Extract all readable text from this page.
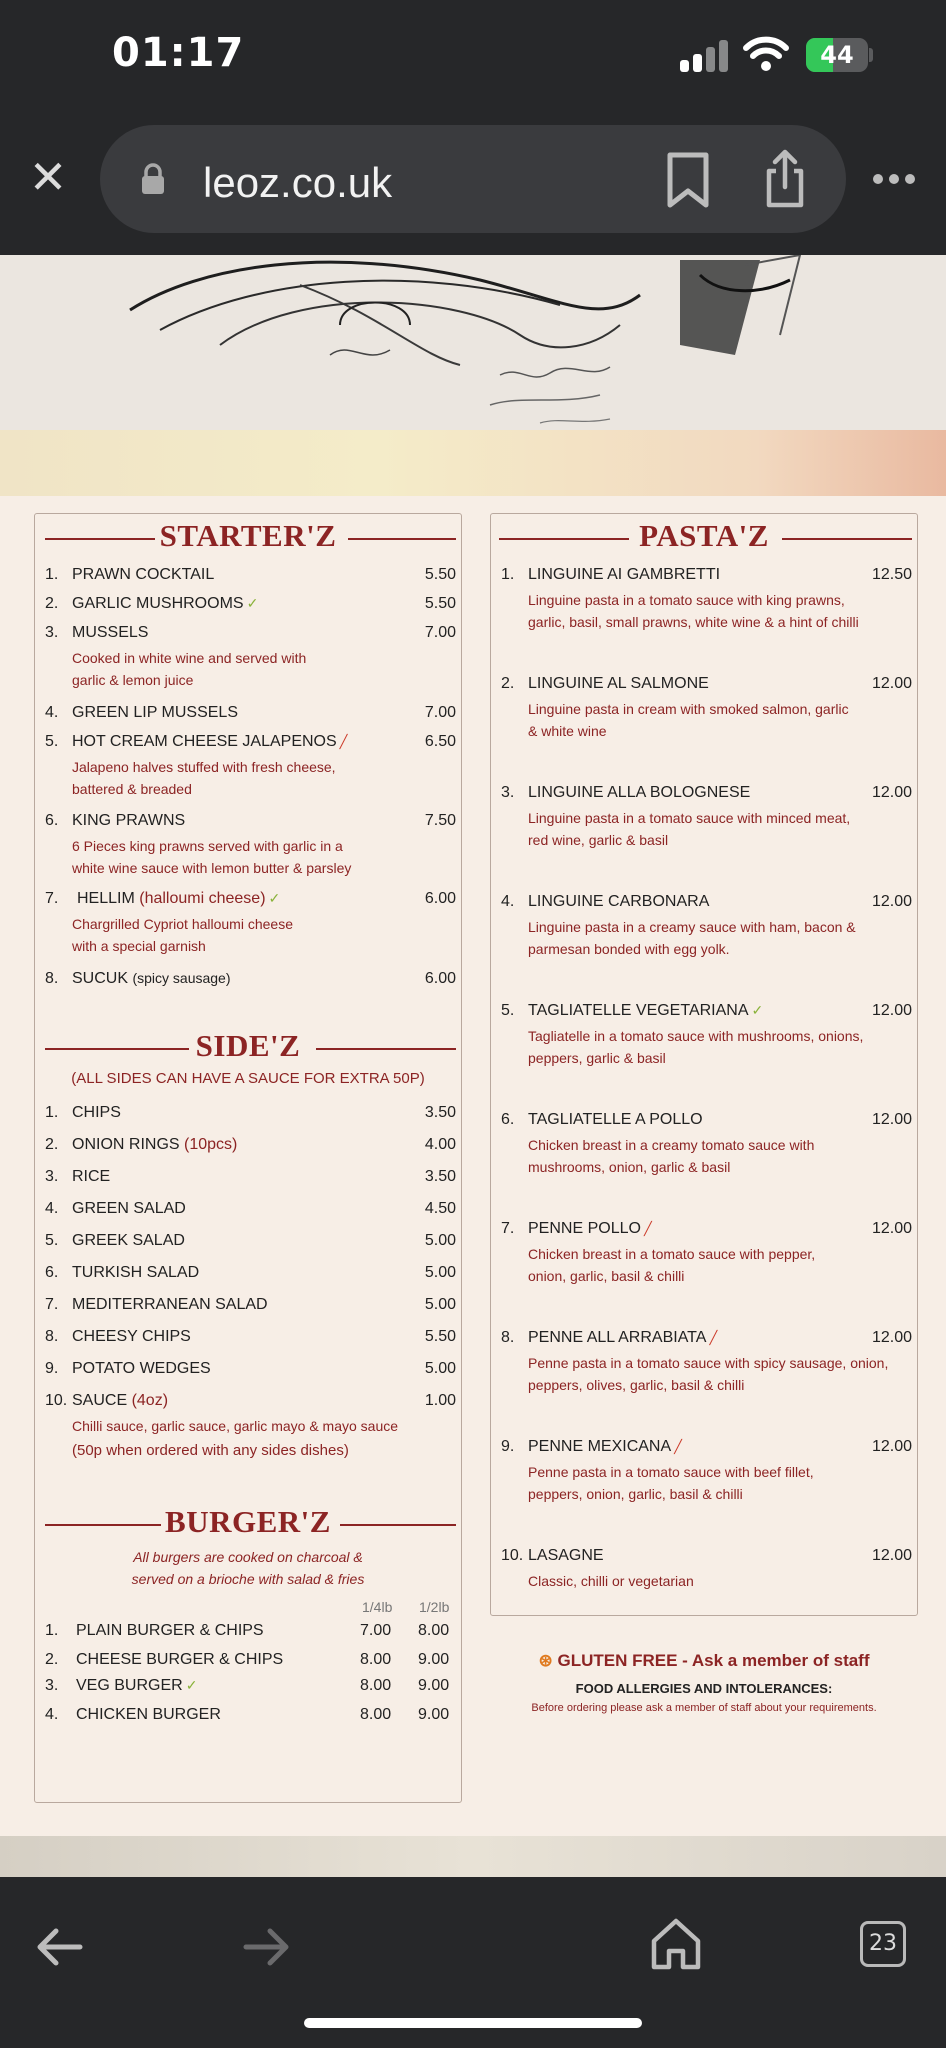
01:17	44
✕	leoz.co.uk
STARTER'Z
1. PRAWN COCKTAIL	5.50
2. GARLIC MUSHROOMS ✓	5.50
3. MUSSELS	7.00
Cooked in white wine and served with
garlic & lemon juice
4. GREEN LIP MUSSELS	7.00
5. HOT CREAM CHEESE JALAPENOS ╱	6.50
Jalapeno halves stuffed with fresh cheese,
battered & breaded
6. KING PRAWNS	7.50
6 Pieces king prawns served with garlic in a
white wine sauce with lemon butter & parsley
7. HELLIM (halloumi cheese) ✓	6.00
Chargrilled Cypriot halloumi cheese
with a special garnish
8. SUCUK (spicy sausage)	6.00
SIDE'Z
(ALL SIDES CAN HAVE A SAUCE FOR EXTRA 50P)
1. CHIPS	3.50
2. ONION RINGS (10pcs)	4.00
3. RICE	3.50
4. GREEN SALAD	4.50
5. GREEK SALAD	5.00
6. TURKISH SALAD	5.00
7. MEDITERRANEAN SALAD	5.00
8. CHEESY CHIPS	5.50
9. POTATO WEDGES	5.00
10. SAUCE (4oz)	1.00
Chilli sauce, garlic sauce, garlic mayo & mayo sauce
(50p when ordered with any sides dishes)
BURGER'Z
All burgers are cooked on charcoal &
served on a brioche with salad & fries
1/4lb 1/2lb
1. PLAIN BURGER & CHIPS	7.00 8.00
2. CHEESE BURGER & CHIPS	8.00 9.00
3. VEG BURGER ✓	8.00 9.00
4. CHICKEN BURGER	8.00 9.00
PASTA'Z
1. LINGUINE AI GAMBRETTI	12.50
Linguine pasta in a tomato sauce with king prawns,
garlic, basil, small prawns, white wine & a hint of chilli
2. LINGUINE AL SALMONE	12.00
Linguine pasta in cream with smoked salmon, garlic
& white wine
3. LINGUINE ALLA BOLOGNESE	12.00
Linguine pasta in a tomato sauce with minced meat,
red wine, garlic & basil
4. LINGUINE CARBONARA	12.00
Linguine pasta in a creamy sauce with ham, bacon &
parmesan bonded with egg yolk.
5. TAGLIATELLE VEGETARIANA ✓	12.00
Tagliatelle in a tomato sauce with mushrooms, onions,
peppers, garlic & basil
6. TAGLIATELLE A POLLO	12.00
Chicken breast in a creamy tomato sauce with
mushrooms, onion, garlic & basil
7. PENNE POLLO ╱	12.00
Chicken breast in a tomato sauce with pepper,
onion, garlic, basil & chilli
8. PENNE ALL ARRABIATA ╱	12.00
Penne pasta in a tomato sauce with spicy sausage, onion,
peppers, olives, garlic, basil & chilli
9. PENNE MEXICANA ╱	12.00
Penne pasta in a tomato sauce with beef fillet,
peppers, onion, garlic, basil & chilli
10. LASAGNE	12.00
Classic, chilli or vegetarian
⊛ GLUTEN FREE - Ask a member of staff
FOOD ALLERGIES AND INTOLERANCES:
Before ordering please ask a member of staff about your requirements.
23
